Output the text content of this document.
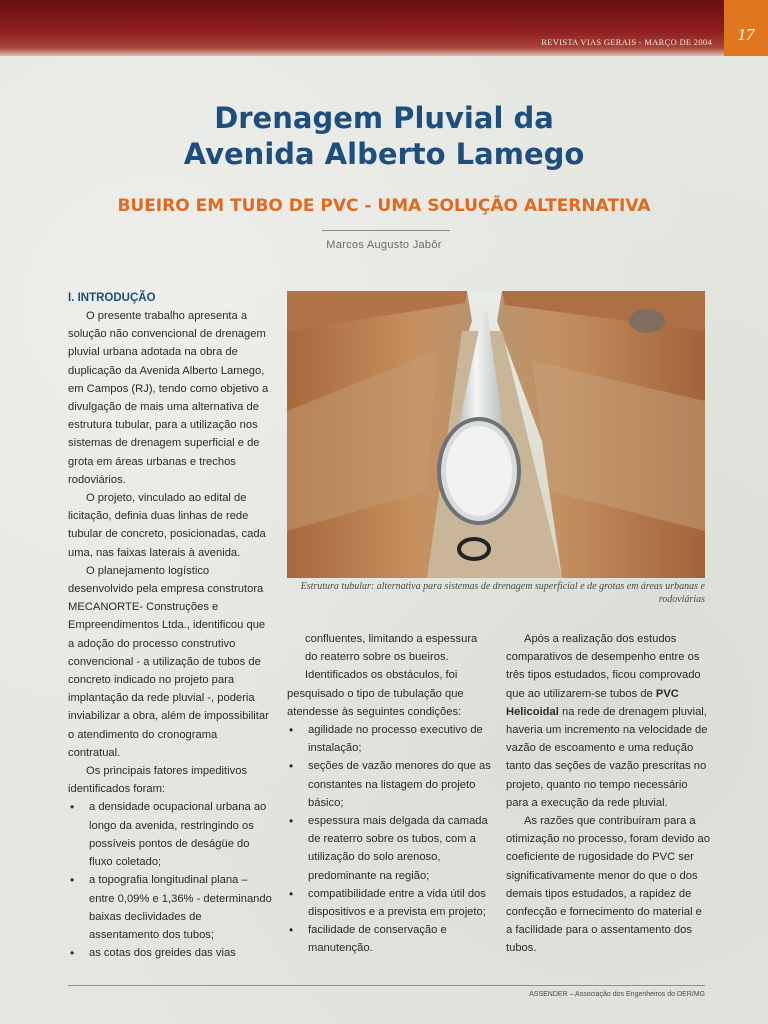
REVISTA VIAS GERAIS - MARÇO DE 2004 17
Drenagem Pluvial da
Avenida Alberto Lamego
BUEIRO EM TUBO DE PVC - UMA SOLUÇÃO ALTERNATIVA
Marcos Augusto Jabôr

I. INTRODUÇÃO

O presente trabalho apresenta a solução não convencional de drenagem pluvial urbana adotada na obra de duplicação da Avenida Alberto Lamego, em Campos (RJ), tendo como objetivo a divulgação de mais uma alternativa de estrutura tubular, para a utilização nos sistemas de drenagem superficial e de grota em áreas urbanas e trechos rodoviários.

O projeto, vinculado ao edital de licitação, definia duas linhas de rede tubular de concreto, posicionadas, cada uma, nas faixas laterais à avenida.

O planejamento logístico desenvolvido pela empresa construtora MECANORTE- Construções e Empreendimentos Ltda., identificou que a adoção do processo construtivo convencional - a utilização de tubos de concreto indicado no projeto para implantação da rede pluvial -, poderia inviabilizar a obra, além de impossibilitar o atendimento do cronograma contratual.

Os principais fatores impeditivos identificados foram:

• a densidade ocupacional urbana ao longo da avenida, restringindo os possíveis pontos de deságüe do fluxo coletado;
• a topografia longitudinal plana – entre 0,09% e 1,36% - determinando baixas declividades de assentamento dos tubos;
• as cotas dos greides das vias
Estrutura tubular: alternativa para sistemas de drenagem superficial e de grotas em áreas urbanas e rodoviárias

confluentes, limitando a espessura do reaterro sobre os bueiros.

Identificados os obstáculos, foi pesquisado o tipo de tubulação que atendesse às seguintes condições:

• agilidade no processo executivo de instalação;
• seções de vazão menores do que as constantes na listagem do projeto básico;
• espessura mais delgada da camada de reaterro sobre os tubos, com a utilização do solo arenoso, predominante na região;
• compatibilidade entre a vida útil dos dispositivos e a prevista em projeto;
• facilidade de conservação e manutenção.

Após a realização dos estudos comparativos de desempenho entre os três tipos estudados, ficou comprovado que ao utilizarem-se tubos de PVC Helicoidal na rede de drenagem pluvial, haveria um incremento na velocidade de vazão de escoamento e uma redução tanto das seções de vazão prescritas no projeto, quanto no tempo necessário para a execução da rede pluvial.

As razões que contribuíram para a otimização no processo, foram devido ao coeficiente de rugosidade do PVC ser significativamente menor do que o dos demais tipos estudados, a rapidez de confecção e fornecimento do material e a facilidade para o assentamento dos tubos.

ASSENDER – Associação dos Engenheiros do DER/MG
